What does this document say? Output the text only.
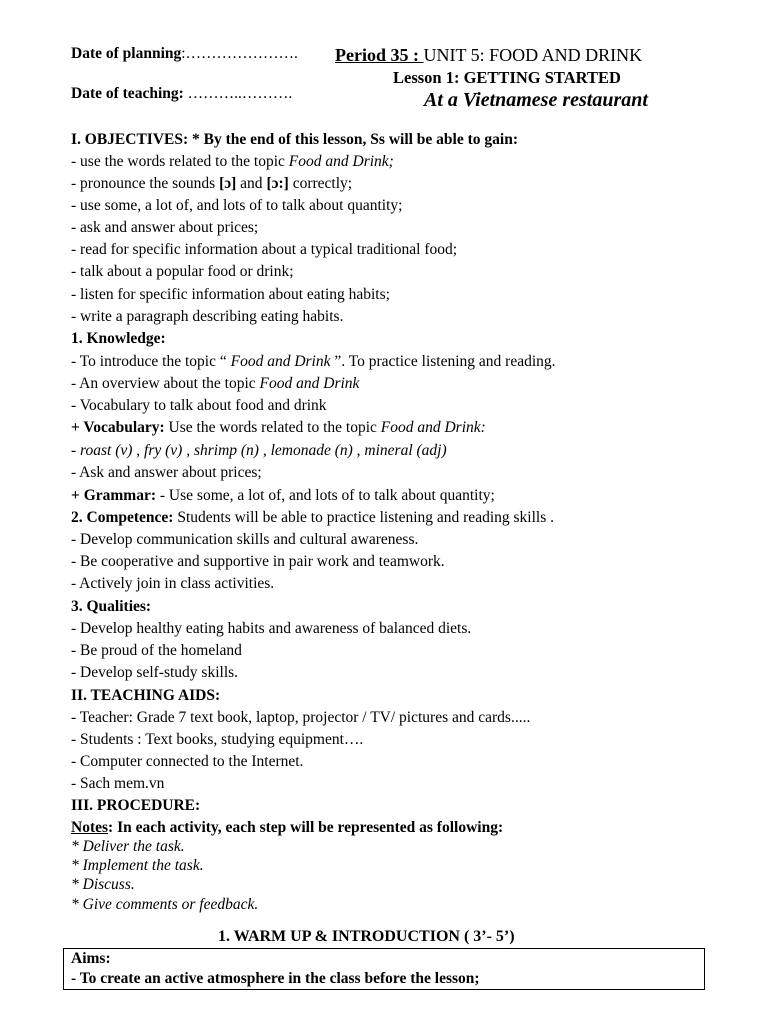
Date of planning:………………….
Date of teaching: ………..……….
Period 35 : UNIT 5: FOOD AND DRINK
Lesson 1: GETTING STARTED
At a Vietnamese restaurant
I. OBJECTIVES: * By the end of this lesson, Ss will be able to gain:
- use the words related to the topic Food and Drink;
- pronounce the sounds [ɔ] and [ɔ:] correctly;
- use some, a lot of, and lots of to talk about quantity;
- ask and answer about prices;
- read for specific information about a typical traditional food;
- talk about a popular food or drink;
- listen for specific information about eating habits;
- write a paragraph describing eating habits.
1. Knowledge:
- To introduce the topic “ Food and Drink ”. To practice listening and reading.
- An overview about the topic Food and Drink
- Vocabulary to talk about food and drink
+ Vocabulary: Use the words related to the topic Food and Drink:
- roast (v) , fry (v) , shrimp (n) , lemonade (n) , mineral (adj)
- Ask and answer about prices;
+ Grammar: - Use some, a lot of, and lots of to talk about quantity;
2. Competence: Students will be able to practice listening and reading skills .
- Develop communication skills and cultural awareness.
- Be cooperative and supportive in pair work and teamwork.
- Actively join in class activities.
3. Qualities:
- Develop healthy eating habits and awareness of balanced diets.
- Be proud of the homeland
- Develop self-study skills.
II. TEACHING AIDS:
- Teacher: Grade 7 text book, laptop, projector / TV/ pictures and cards.....
- Students : Text books, studying equipment….
- Computer connected to the Internet.
- Sach mem.vn
III. PROCEDURE:
Notes: In each activity, each step will be represented as following:
* Deliver the task.
* Implement the task.
* Discuss.
* Give comments or feedback.
1. WARM UP & INTRODUCTION ( 3’- 5’)
Aims:
- To create an active atmosphere in the class before the lesson;
